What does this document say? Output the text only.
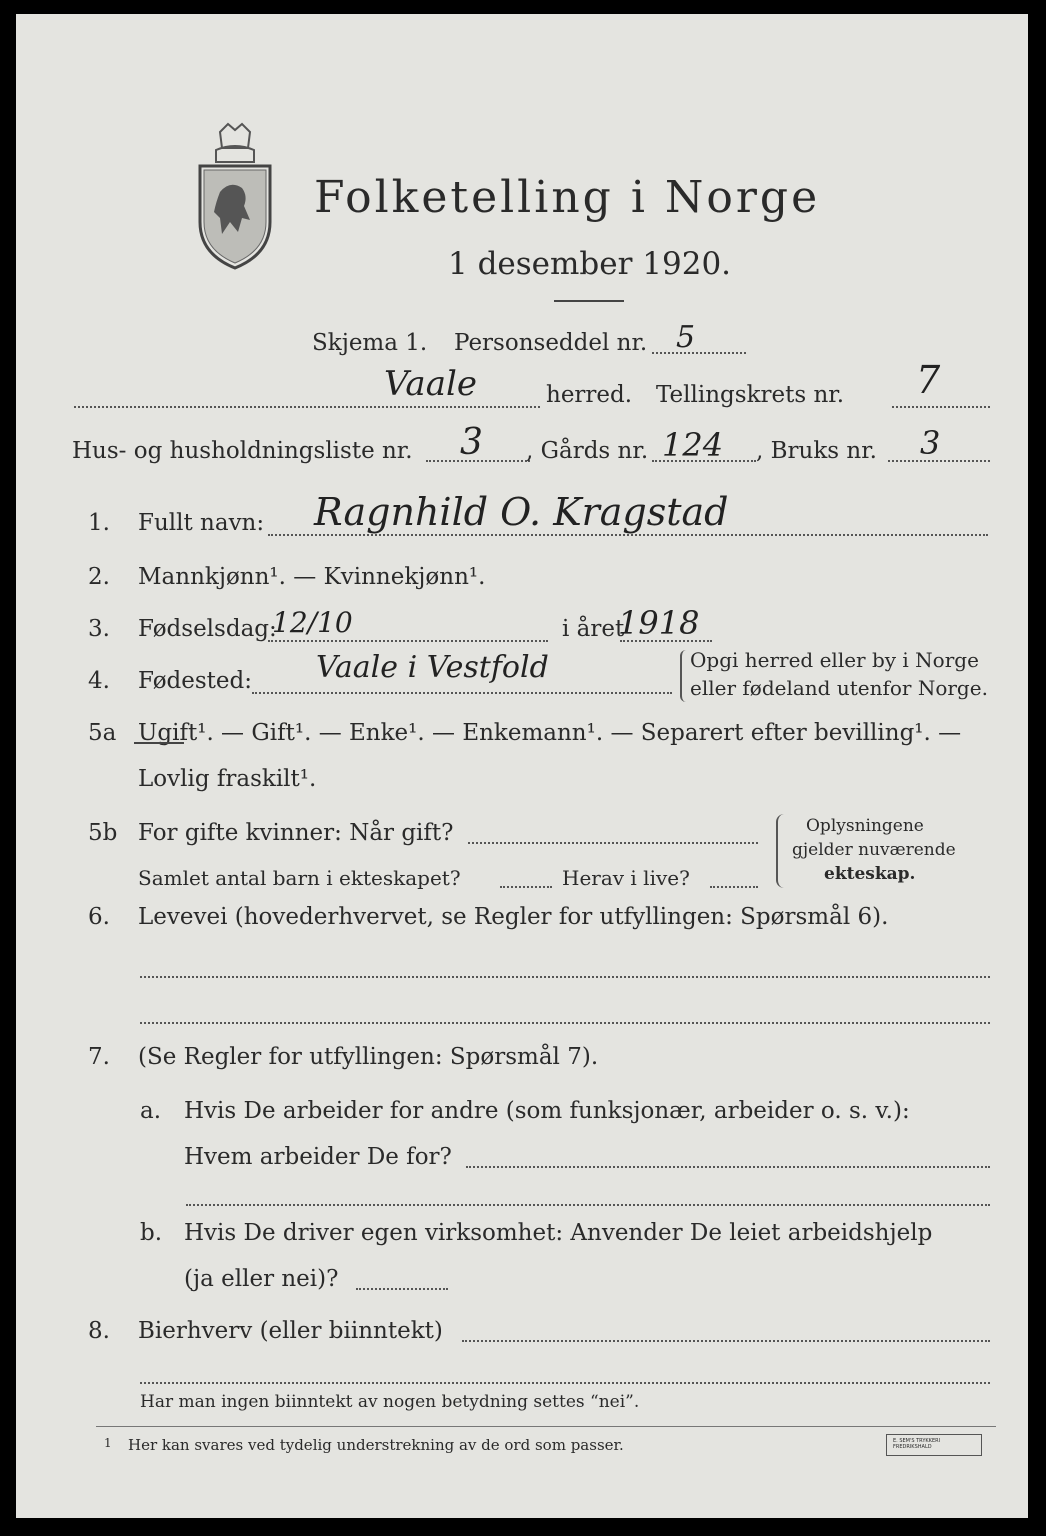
Folketelling i Norge
1 desember 1920.
Skjema 1. Personseddel nr. 5
Vaale	herred. Tellingskrets nr. 7
Hus- og husholdningsliste nr. 3 , Gårds nr. 124 , Bruks nr. 3
1. Fullt navn: Ragnhild O. Kragstad
2. Mannkjønn¹. — Kvinnekjønn¹.
3. Fødselsdag:
12/10	i året
1918
4. Fødested: Vaale i Vestfold	Opgi herred eller by i Norge
eller fødeland utenfor Norge.
5a Ugift¹. — Gift¹. — Enke¹. — Enkemann¹. — Separert efter bevilling¹. —
Lovlig fraskilt¹.
5b For gifte kvinner: Når gift?
Samlet antal barn i ekteskapet?	Herav i live?
Oplysningene
gjelder nuværende
ekteskap.
6. Levevei (hovederhvervet, se Regler for utfyllingen: Spørsmål 6).
7. (Se Regler for utfyllingen: Spørsmål 7).
a. Hvis De arbeider for andre (som funksjonær, arbeider o. s. v.):
Hvem arbeider De for?
b. Hvis De driver egen virksomhet: Anvender De leiet arbeidshjelp
(ja eller nei)?
8. Bierhverv (eller biinntekt)
Har man ingen biinntekt av nogen betydning settes “nei”.
1 Her kan svares ved tydelig understrekning av de ord som passer.	E. SEM'S TRYKKERI FREDRIKSHALD
